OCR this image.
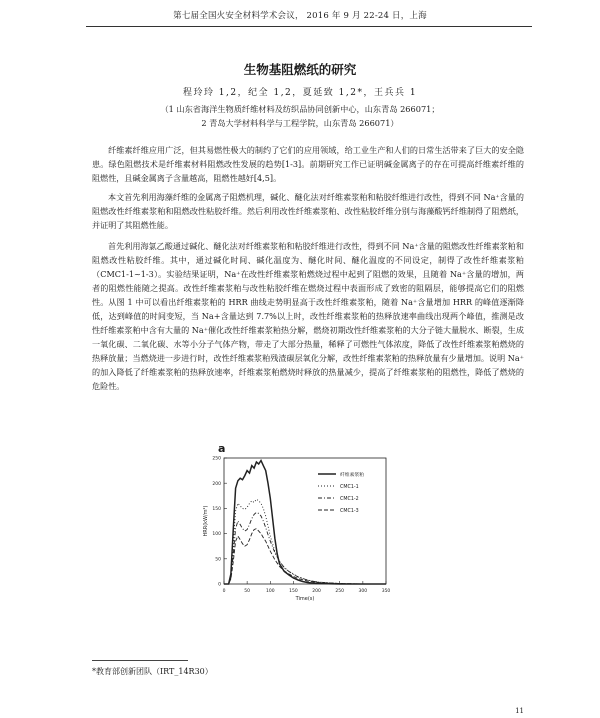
第七届全国火安全材料学术会议， 2016 年 9 月 22-24 日，上海
生物基阻燃纸的研究
程玲玲 1,2，纪全 1,2，夏延致 1,2*，王兵兵 1
（1 山东省海洋生物质纤维材料及纺织品协同创新中心，山东青岛 266071；
2 青岛大学材料科学与工程学院，山东青岛 266071）

纤维素纤维应用广泛，但其易燃性极大的制约了它们的应用领域，给工业生产和人们的日常生活带来了巨大的安全隐患。绿色阻燃技术是纤维素材料阻燃改性发展的趋势[1-3]。前期研究工作已证明碱金属离子的存在可提高纤维素纤维的阻燃性，且碱金属离子含量越高，阻燃性越好[4,5]。

本文首先利用海藻纤维的金属离子阻燃机理，碱化、醚化法对纤维素浆粕和粘胶纤维进行改性，得到不同 Na⁺含量的阻燃改性纤维素浆粕和阻燃改性粘胶纤维。然后利用改性纤维素浆粕、改性粘胶纤维分别与海藻酸钙纤维制得了阻燃纸，并证明了其阻燃性能。

首先利用海氯乙酸通过碱化、醚化法对纤维素浆粕和粘胶纤维进行改性，得到不同 Na⁺含量的阻燃改性纤维素浆粕和阻燃改性粘胶纤维。其中，通过碱化时间、碱化温度为、醚化时间、醚化温度的不同设定，制得了改性纤维素浆粕（CMC1-1~1-3）。实验结果证明，Na⁺在改性纤维素浆粕燃烧过程中起到了阻燃的效果，且随着 Na⁺含量的增加，两者的阻燃性能随之提高。改性纤维素浆粕与改性粘胶纤维在燃烧过程中表面形成了致密的阻隔层，能够提高它们的阻燃性。从图 1 中可以看出纤维素浆粕的 HRR 曲线走势明显高于改性纤维素浆粕，随着 Na⁺含量增加 HRR 的峰值逐渐降低，达到峰值的时间变短，当 Na+含量达到 7.7%以上时，改性纤维素浆粕的热释放速率曲线出现两个峰值，推测是改性纤维素浆粕中含有大量的 Na⁺催化改性纤维素浆粕热分解，燃烧初期改性纤维素浆粕的大分子链大量脱水、断裂，生成一氧化碳、二氧化碳、水等小分子气体产物，带走了大部分热量，稀释了可燃性气体浓度，降低了改性纤维素浆粕燃烧的热释放量；当燃烧进一步进行时，改性纤维素浆粕残渣碳层氧化分解，改性纤维素浆粕的热释放量有少量增加。说明 Na⁺的加入降低了纤维素浆粕的热释放速率，纤维素浆粕燃烧时释放的热量减少，提高了纤维素浆粕的阻燃性，降低了燃烧的危险性。

a
0	50	100	150	200	250	300	350
0
50
100
150
200
250
Time(s)
HRR(kW/m²)
纤维素浆粕
CMC1-1
CMC1-2
CMC1-3
*教育部创新团队（IRT_14R30）
11
